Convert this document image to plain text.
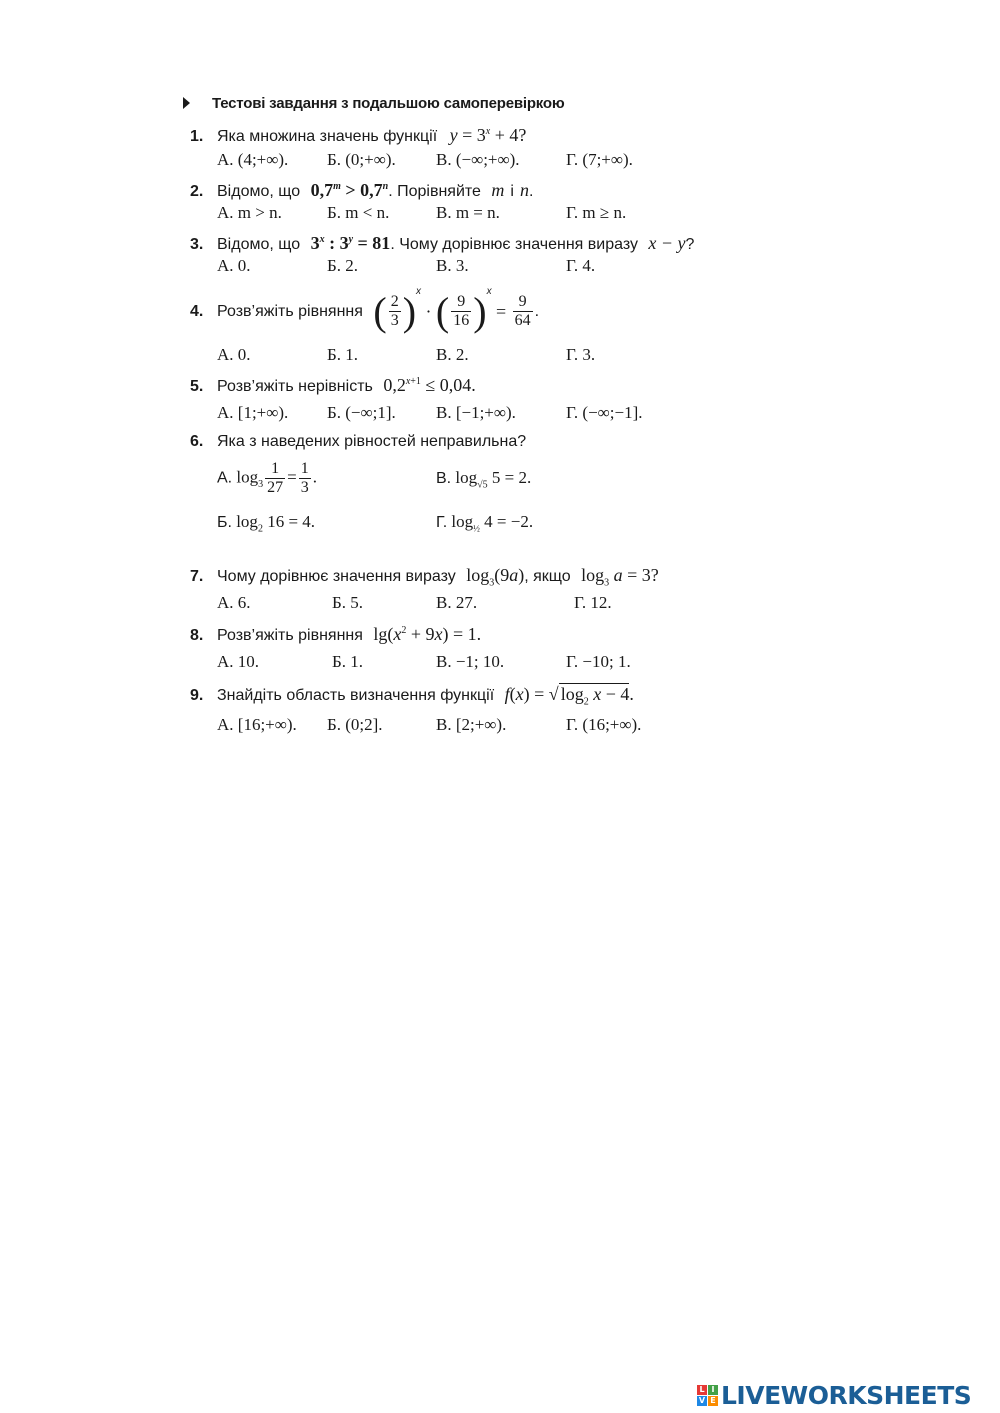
Тестові завдання з подальшою самоперевіркою
1. Яка множина значень функції $y = 3^x + 4$?
А. (4;+∞). Б. (0;+∞). В. (−∞;+∞).	Г. (7;+∞).
2. Відомо, що $0,7^m > 0,7^n$. Порівняйте m і n.
А. m > n.	Б. m < n.	В. m = n.	Г. m ≥ n.
3. Відомо, що 3$^x$ : $3^y = 81$. Чому дорівнює значення виразу x − y?
А. 0.	Б. 2.	В. 3.	Г. 4.
4. Розв’яжіть рівняння ( $\frac{2}{3} )^x$ · ( $\frac{9}{16} )^x = \frac{9}{64}$ .
А. 0.	Б. 1.	В. 2.	Г. 3.
5. Розв’яжіть нерівність $0,2^{x+1} \le 0,04$.
А. [1;+∞). Б. (−∞;1]. В. [−1;+∞).	Г. (−∞;−1].
6. Яка з наведених рівностей неправильна?
А. $\log_3 \frac{1}{27} = \frac{1}{3}$ .	В. $\log_{√5} 5 = 2$.
Б. $\log_2 16 = 4$.	Г. $\log_{\frac{1}{2}} 4 = -2$.
7. Чому дорівнює значення виразу $\log_3(9a)$, якщо $\log_3 a = 3$?
А. 6.	Б. 5.	В. 27.	Г. 12.
8. Розв’яжіть рівняння $\lg(x^2 + 9x) = 1$.
А. 10.	Б. 1.	В. −1; 10.	Г. −10; 1.
9. Знайдіть область визначення функції f(x) = √ $\log_2 x - 4$.
А. [16;+∞). Б. (0;2].	В. [2;+∞).	Г. (16;+∞).
L I
V E LIVEWORKSHEETS
